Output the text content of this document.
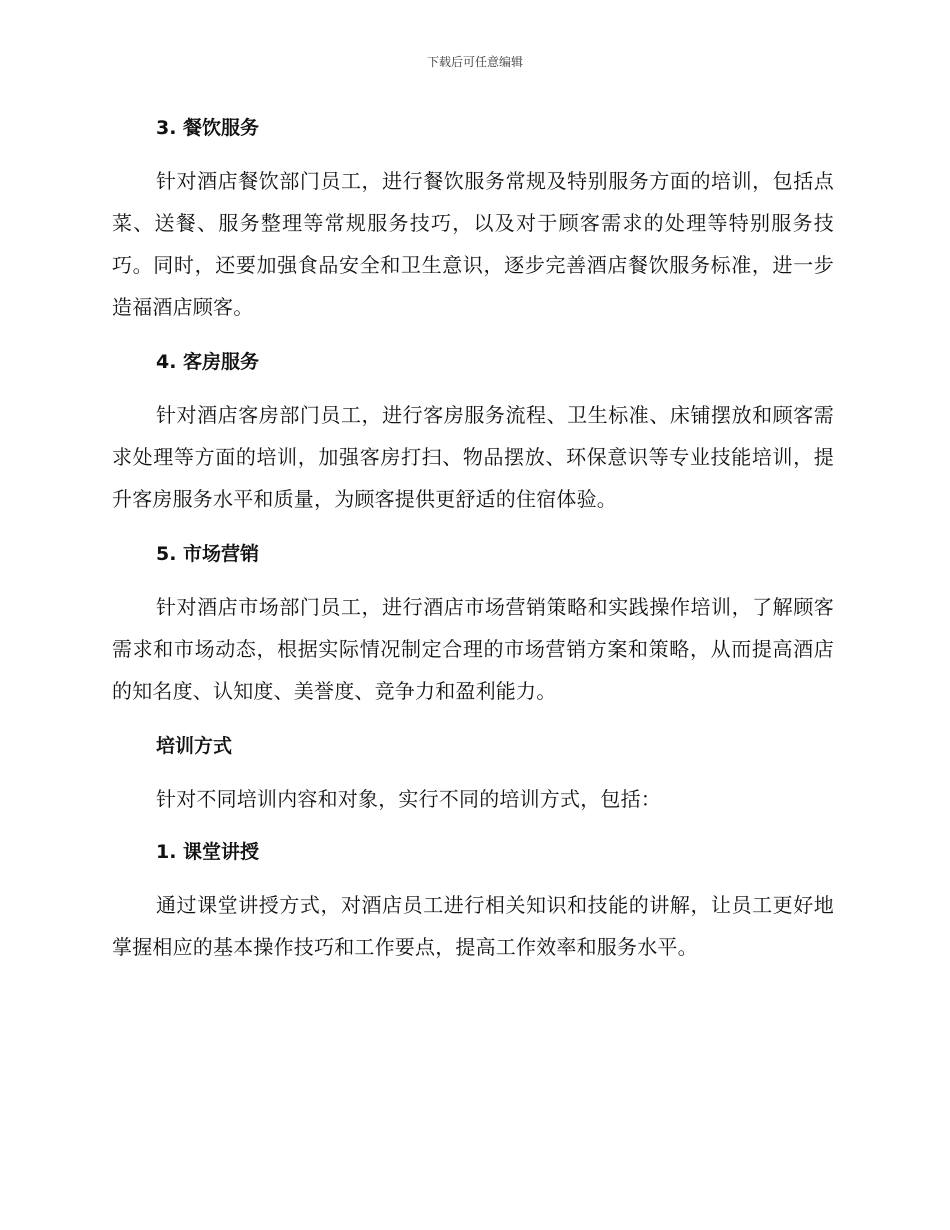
下载后可任意编辑
3. 餐饮服务

针对酒店餐饮部门员工，进行餐饮服务常规及特别服务方面的培训，包括点菜、送餐、服务整理等常规服务技巧，以及对于顾客需求的处理等特别服务技巧。同时，还要加强食品安全和卫生意识，逐步完善酒店餐饮服务标准，进一步造福酒店顾客。

4. 客房服务

针对酒店客房部门员工，进行客房服务流程、卫生标准、床铺摆放和顾客需求处理等方面的培训，加强客房打扫、物品摆放、环保意识等专业技能培训，提升客房服务水平和质量，为顾客提供更舒适的住宿体验。

5. 市场营销

针对酒店市场部门员工，进行酒店市场营销策略和实践操作培训，了解顾客需求和市场动态，根据实际情况制定合理的市场营销方案和策略，从而提高酒店的知名度、认知度、美誉度、竞争力和盈利能力。

培训方式

针对不同培训内容和对象，实行不同的培训方式，包括：

1. 课堂讲授

通过课堂讲授方式，对酒店员工进行相关知识和技能的讲解，让员工更好地掌握相应的基本操作技巧和工作要点，提高工作效率和服务水平。
